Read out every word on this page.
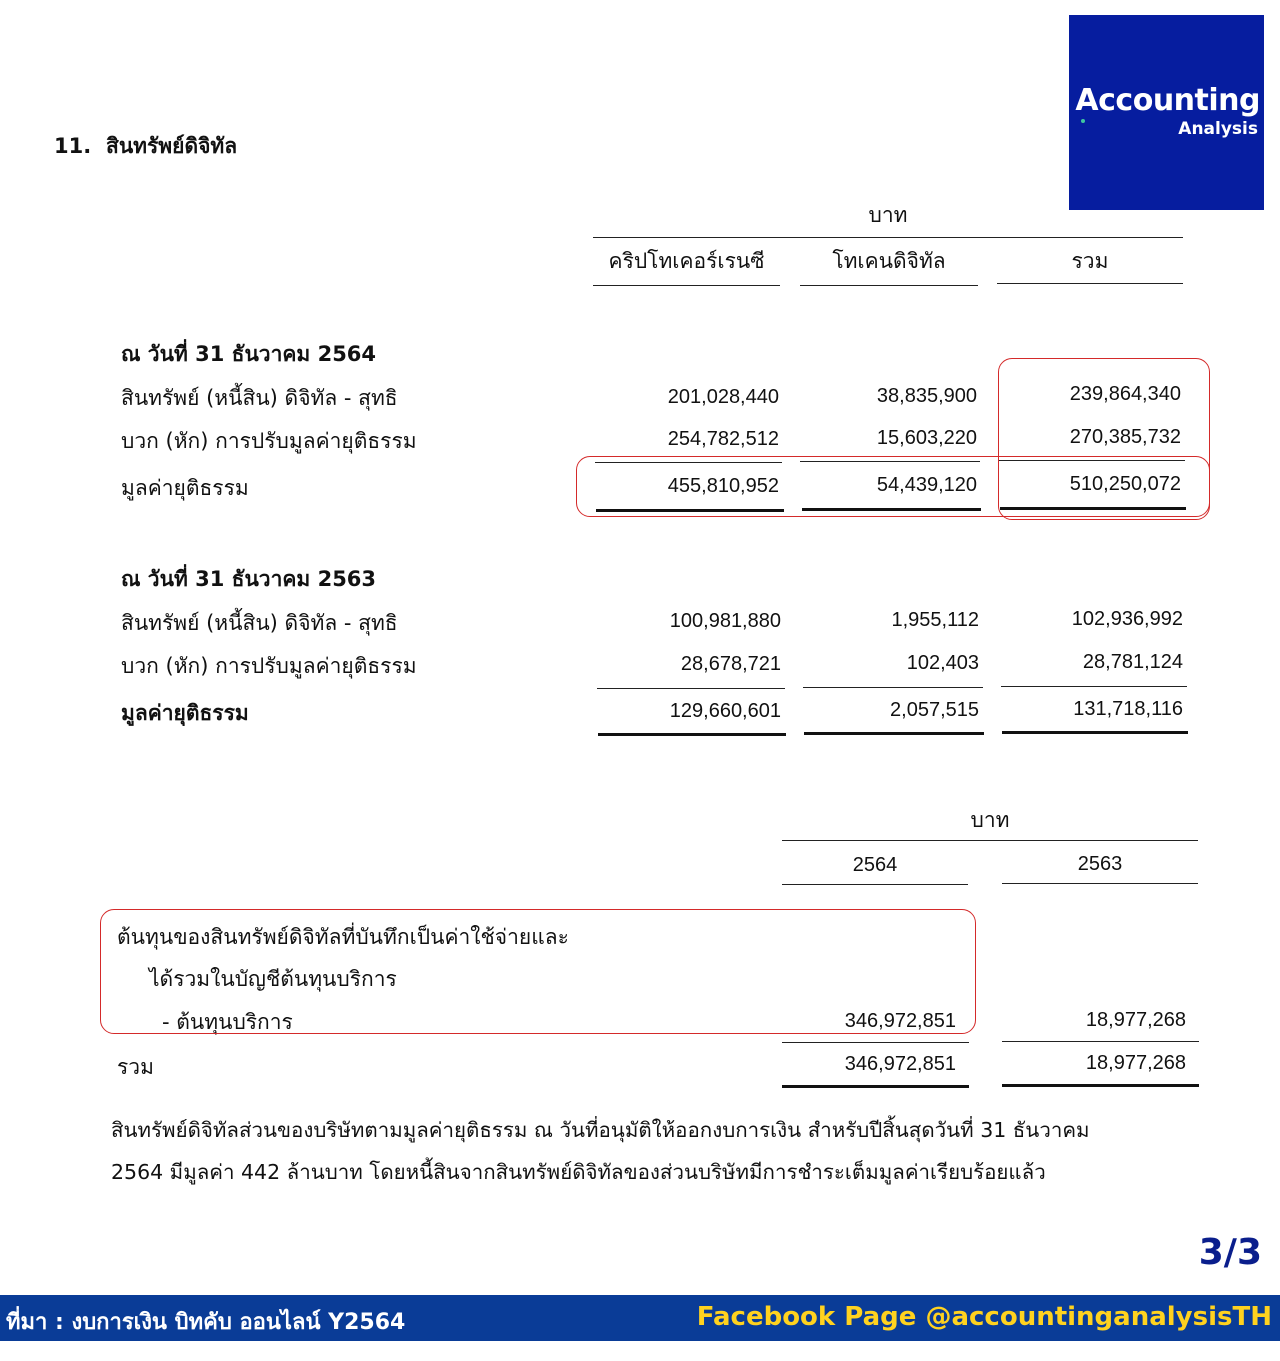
Accounting
Analysis
11. สินทรัพย์ดิจิทัล
บาท
คริปโทเคอร์เรนซี	โทเคนดิจิทัล	รวม
ณ วันที่ 31 ธันวาคม 2564
สินทรัพย์ (หนี้สิน) ดิจิทัล - สุทธิ	201,028,440	38,835,900	239,864,340
บวก (หัก) การปรับมูลค่ายุติธรรม	254,782,512	15,603,220	270,385,732
มูลค่ายุติธรรม	455,810,952	54,439,120	510,250,072
ณ วันที่ 31 ธันวาคม 2563
สินทรัพย์ (หนี้สิน) ดิจิทัล - สุทธิ	100,981,880	1,955,112	102,936,992
บวก (หัก) การปรับมูลค่ายุติธรรม	28,678,721	102,403	28,781,124
มูลค่ายุติธรรม	129,660,601	2,057,515	131,718,116
บาท
2564	2563
ต้นทุนของสินทรัพย์ดิจิทัลที่บันทึกเป็นค่าใช้จ่ายและ
ได้รวมในบัญชีต้นทุนบริการ
- ต้นทุนบริการ	346,972,851	18,977,268
รวม	346,972,851	18,977,268
สินทรัพย์ดิจิทัลส่วนของบริษัทตามมูลค่ายุติธรรม ณ วันที่อนุมัติให้ออกงบการเงิน สำหรับปีสิ้นสุดวันที่ 31 ธันวาคม
2564 มีมูลค่า 442 ล้านบาท โดยหนี้สินจากสินทรัพย์ดิจิทัลของส่วนบริษัทมีการชำระเต็มมูลค่าเรียบร้อยแล้ว
3/3
ที่มา : งบการเงิน บิทคับ ออนไลน์ Y2564	Facebook Page @accountinganalysisTH
